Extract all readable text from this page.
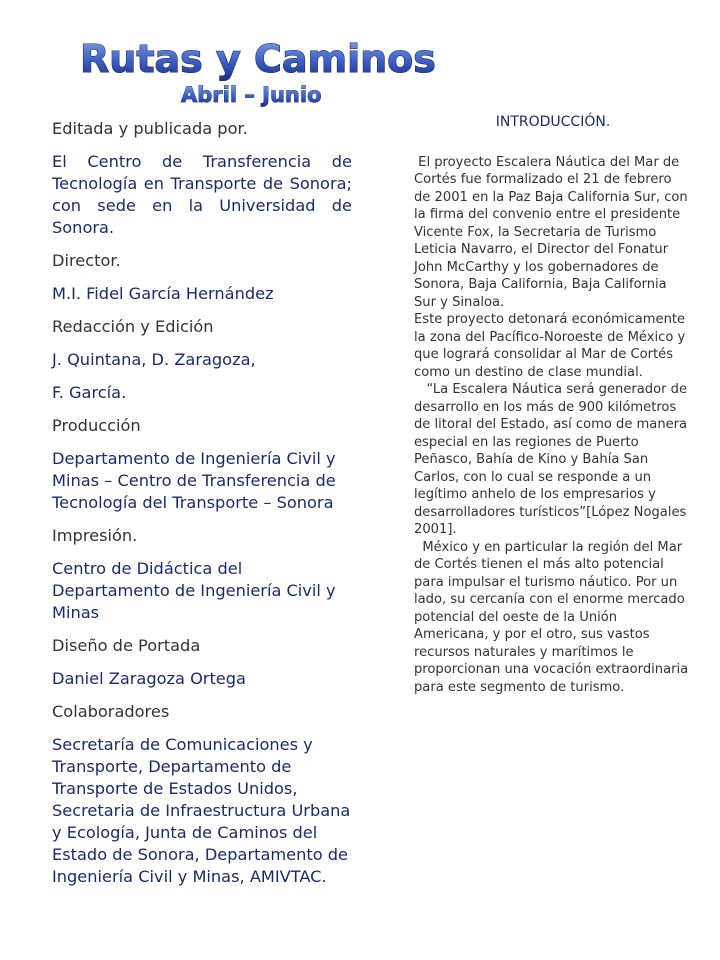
Rutas y Caminos
Abril – Junio

Editada y publicada por.

El Centro de Transferencia de Tecnología en Transporte de Sonora; con sede en la Universidad de Sonora.

Director.

M.I. Fidel García Hernández

Redacción y Edición

J. Quintana, D. Zaragoza,

F. García.

Producción

Departamento de Ingeniería Civil y Minas – Centro de Transferencia de Tecnología del Transporte – Sonora

Impresión.

Centro de Didáctica del Departamento de Ingeniería Civil y Minas

Diseño de Portada

Daniel Zaragoza Ortega

Colaboradores

Secretaría de Comunicaciones y Transporte, Departamento de Transporte de Estados Unidos, Secretaria de Infraestructura Urbana y Ecología, Junta de Caminos del Estado de Sonora, Departamento de Ingeniería Civil y Minas, AMIVTAC.

INTRODUCCIÓN.

El proyecto Escalera Náutica del Mar de Cortés fue formalizado el 21 de febrero de 2001 en la Paz Baja California Sur, con la firma del convenio entre el presidente Vicente Fox, la Secretaria de Turismo Leticia Navarro, el Director del Fonatur John McCarthy y los gobernadores de Sonora, Baja California, Baja California Sur y Sinaloa.

Este proyecto detonará económicamente la zona del Pacífico-Noroeste de México y que logrará consolidar al Mar de Cortés como un destino de clase mundial.

“La Escalera Náutica será generador de desarrollo en los más de 900 kilómetros de litoral del Estado, así como de manera especial en las regiones de Puerto Peñasco, Bahía de Kino y Bahía San Carlos, con lo cual se responde a un legítimo anhelo de los empresarios y desarrolladores turísticos”[López Nogales 2001].

México y en particular la región del Mar de Cortés tienen el más alto potencial para impulsar el turismo náutico. Por un lado, su cercanía con el enorme mercado potencial del oeste de la Unión Americana, y por el otro, sus vastos recursos naturales y marítimos le proporcionan una vocación extraordinaria para este segmento de turismo.
